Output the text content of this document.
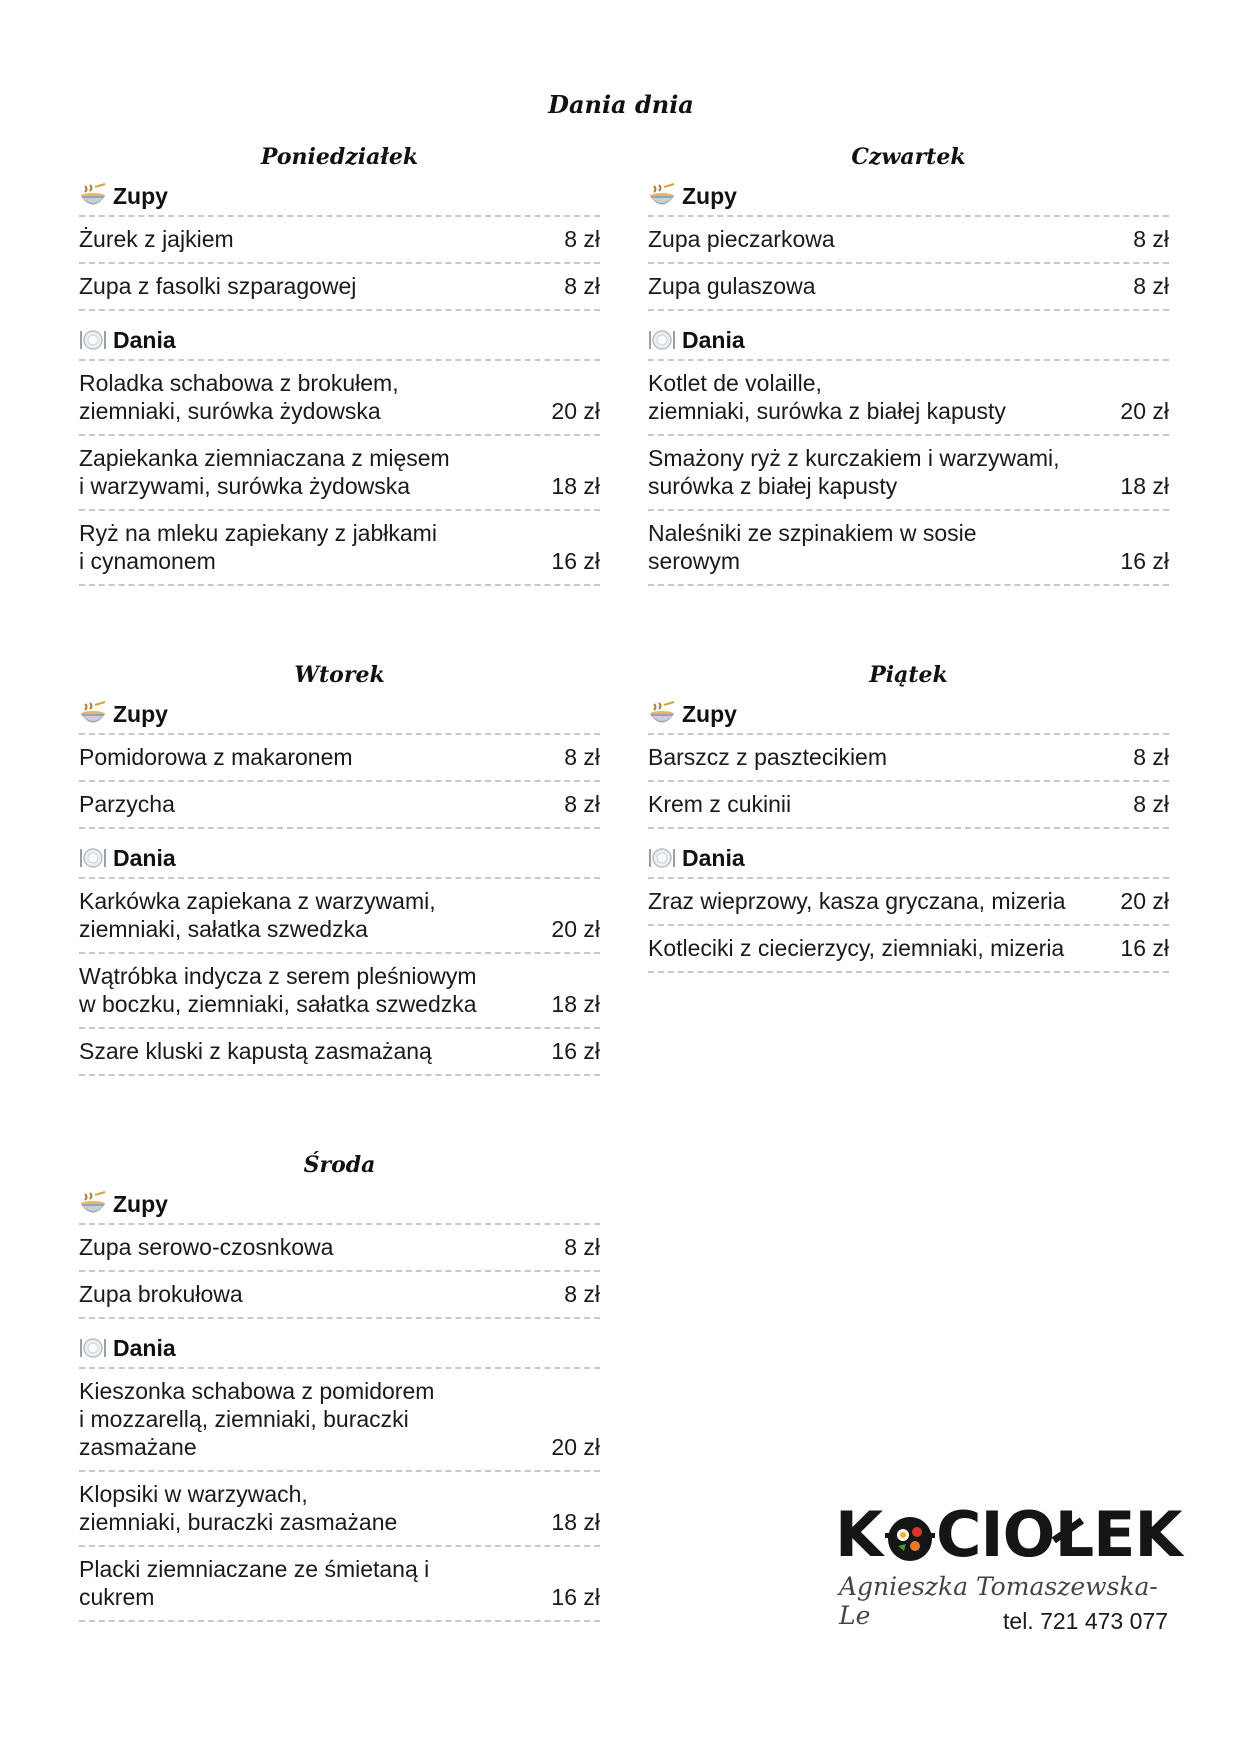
Dania dnia
Poniedziałek
Zupy
Żurek z jajkiem	8 zł
Zupa z fasolki szparagowej	8 zł
Dania
Roladka schabowa z brokułem,
ziemniaki, surówka żydowska	20 zł
Zapiekanka ziemniaczana z mięsem
i warzywami, surówka żydowska	18 zł
Ryż na mleku zapiekany z jabłkami
i cynamonem	16 zł
Wtorek
Zupy
Pomidorowa z makaronem	8 zł
Parzycha	8 zł
Dania
Karkówka zapiekana z warzywami,
ziemniaki, sałatka szwedzka	20 zł
Wątróbka indycza z serem pleśniowym
w boczku, ziemniaki, sałatka szwedzka	18 zł
Szare kluski z kapustą zasmażaną	16 zł
Środa
Zupy
Zupa serowo-czosnkowa	8 zł
Zupa brokułowa	8 zł
Dania
Kieszonka schabowa z pomidorem
i mozzarellą, ziemniaki, buraczki
zasmażane	20 zł
Klopsiki w warzywach,
ziemniaki, buraczki zasmażane	18 zł
Placki ziemniaczane ze śmietaną i
cukrem	16 zł
Czwartek
Zupy
Zupa pieczarkowa	8 zł
Zupa gulaszowa	8 zł
Dania
Kotlet de volaille,
ziemniaki, surówka z białej kapusty	20 zł
Smażony ryż z kurczakiem i warzywami,
surówka z białej kapusty	18 zł
Naleśniki ze szpinakiem w sosie
serowym	16 zł
Piątek
Zupy
Barszcz z pasztecikiem	8 zł
Krem z cukinii	8 zł
Dania
Zraz wieprzowy, kasza gryczana, mizeria	20 zł
Kotleciki z ciecierzycy, ziemniaki, mizeria	16 zł
K CIOŁEK
Agnieszka Tomaszewska-Le	tel. 721 473 077
